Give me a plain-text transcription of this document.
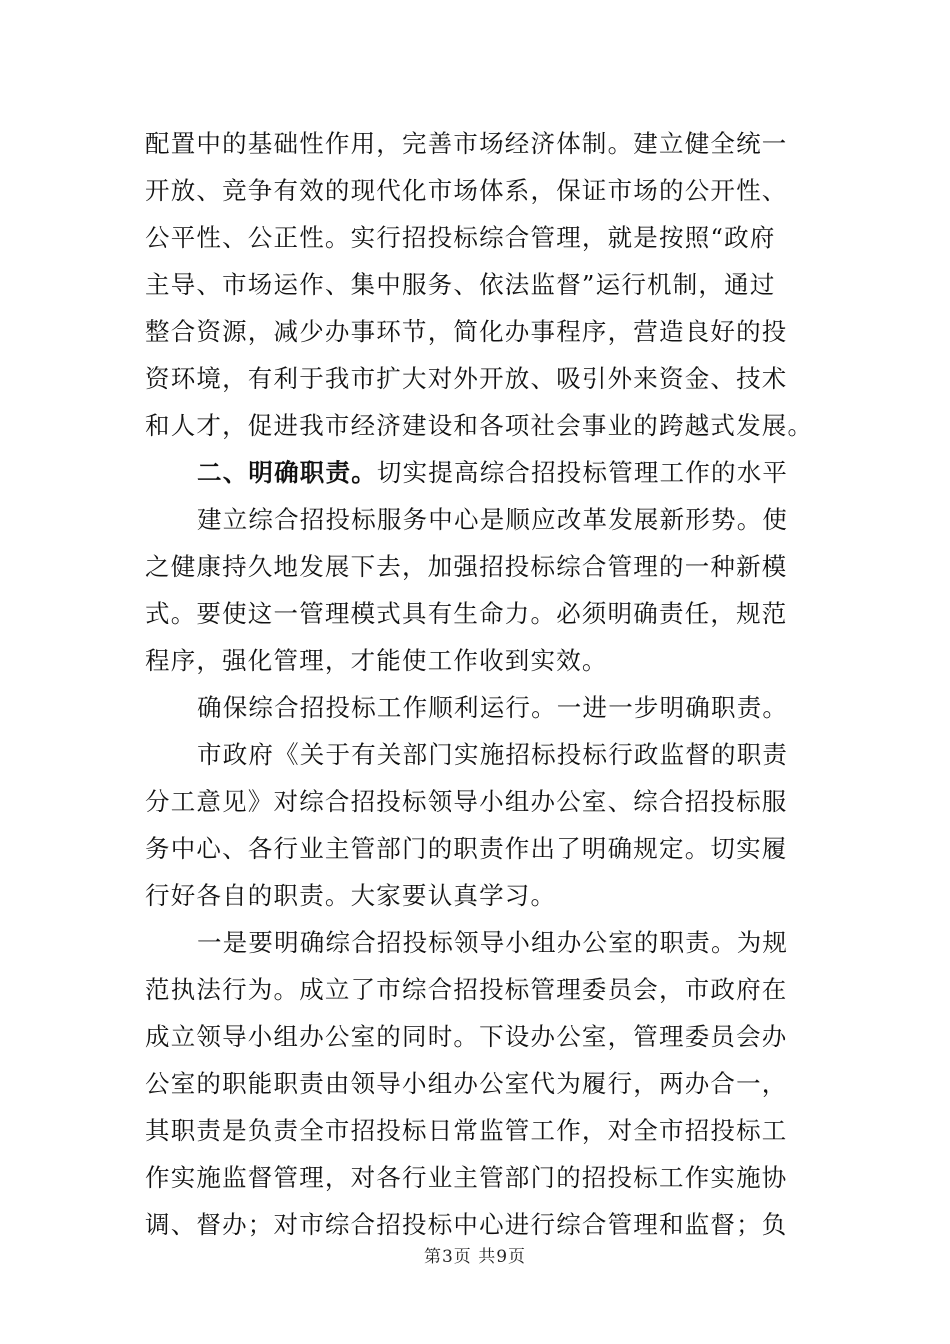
配置中的基础性作用，完善市场经济体制。建立健全统一
开放、竞争有效的现代化市场体系，保证市场的公开性、
公平性、公正性。实行招投标综合管理，就是按照“政府
主导、市场运作、集中服务、依法监督”运行机制，通过
整合资源，减少办事环节，简化办事程序，营造良好的投
资环境，有利于我市扩大对外开放、吸引外来资金、技术
和人才，促进我市经济建设和各项社会事业的跨越式发展。
二、明确职责。切实提高综合招投标管理工作的水平
建立综合招投标服务中心是顺应改革发展新形势。使
之健康持久地发展下去，加强招投标综合管理的一种新模
式。要使这一管理模式具有生命力。必须明确责任，规范
程序，强化管理，才能使工作收到实效。
确保综合招投标工作顺利运行。一进一步明确职责。
市政府《关于有关部门实施招标投标行政监督的职责
分工意见》对综合招投标领导小组办公室、综合招投标服
务中心、各行业主管部门的职责作出了明确规定。切实履
行好各自的职责。大家要认真学习。
一是要明确综合招投标领导小组办公室的职责。为规
范执法行为。成立了市综合招投标管理委员会，市政府在
成立领导小组办公室的同时。下设办公室，管理委员会办
公室的职能职责由领导小组办公室代为履行，两办合一，
其职责是负责全市招投标日常监管工作，对全市招投标工
作实施监督管理，对各行业主管部门的招投标工作实施协
调、督办；对市综合招投标中心进行综合管理和监督；负
第3页 共9页
